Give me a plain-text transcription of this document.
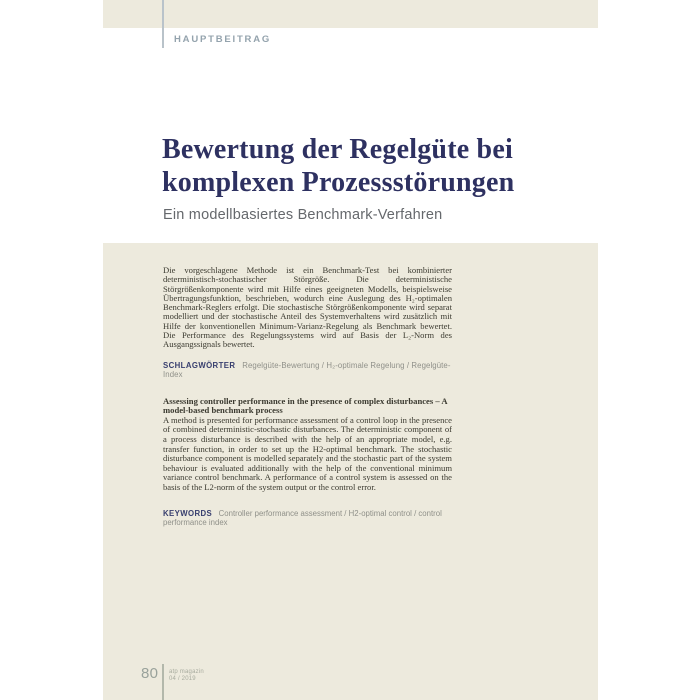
HAUPTBEITRAG
Bewertung der Regelgüte bei
komplexen Prozessstörungen
Ein modellbasiertes Benchmark-Verfahren

Die vorgeschlagene Methode ist ein Benchmark-Test bei kombinierter deterministisch-stochastischer Störgröße. Die deterministische Störgrößenkomponente wird mit Hilfe eines geeigneten Modells, beispielsweise Übertragungsfunktion, beschrieben, wodurch eine Auslegung des H₂-optimalen Benchmark-Reglers erfolgt. Die stochastische Störgrößenkomponente wird separat modelliert und der stochastische Anteil des Systemverhaltens wird zusätzlich mit Hilfe der konventionellen Minimum-Varianz-Regelung als Benchmark bewertet. Die Performance des Regelungssystems wird auf Basis der L₂-Norm des Ausgangssignals bewertet.

SCHLAGWÖRTER Regelgüte-Bewertung / H₂-optimale Regelung / Regelgüte-Index

Assessing controller performance in the presence of complex disturbances – A model-based benchmark process

A method is presented for performance assessment of a control loop in the presence of combined deterministic-stochastic disturbances. The deterministic component of a process disturbance is described with the help of an appropriate model, e.g. transfer function, in order to set up the H2-optimal benchmark. The stochastic disturbance component is modelled separately and the stochastic part of the system behaviour is evaluated additionally with the help of the conventional minimum variance control benchmark. A performance of a control system is assessed on the basis of the L2-norm of the system output or the control error.

KEYWORDS Controller performance assessment / H2-optimal control / control performance index
80 atp magazin
04 / 2019
